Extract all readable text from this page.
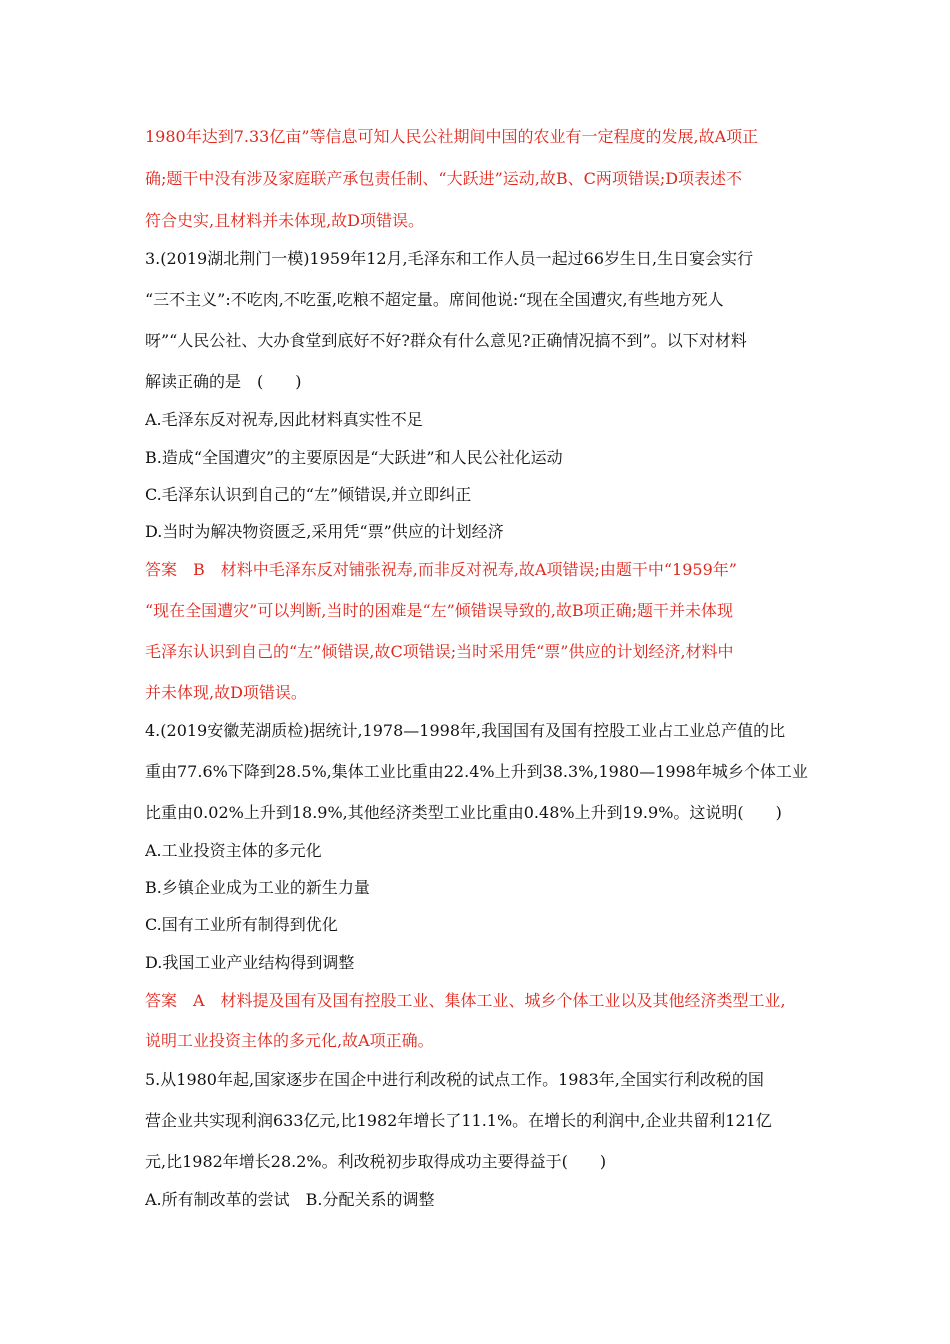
1980年达到7.33亿亩”等信息可知人民公社期间中国的农业有一定程度的发展,故A项正
确;题干中没有涉及家庭联产承包责任制、“大跃进”运动,故B、C两项错误;D项表述不
符合史实,且材料并未体现,故D项错误。
3.(2019湖北荆门一模)1959年12月,毛泽东和工作人员一起过66岁生日,生日宴会实行
“三不主义”:不吃肉,不吃蛋,吃粮不超定量。席间他说:“现在全国遭灾,有些地方死人
呀”“人民公社、大办食堂到底好不好?群众有什么意见?正确情况搞不到”。以下对材料
解读正确的是　(　　)
A.毛泽东反对祝寿,因此材料真实性不足
B.造成“全国遭灾”的主要原因是“大跃进”和人民公社化运动
C.毛泽东认识到自己的“左”倾错误,并立即纠正
D.当时为解决物资匮乏,采用凭“票”供应的计划经济
答案　B　材料中毛泽东反对铺张祝寿,而非反对祝寿,故A项错误;由题干中“1959年”
“现在全国遭灾”可以判断,当时的困难是“左”倾错误导致的,故B项正确;题干并未体现
毛泽东认识到自己的“左”倾错误,故C项错误;当时采用凭“票”供应的计划经济,材料中
并未体现,故D项错误。
4.(2019安徽芜湖质检)据统计,1978—1998年,我国国有及国有控股工业占工业总产值的比
重由77.6%下降到28.5%,集体工业比重由22.4%上升到38.3%,1980—1998年城乡个体工业
比重由0.02%上升到18.9%,其他经济类型工业比重由0.48%上升到19.9%。这说明(　　)
A.工业投资主体的多元化
B.乡镇企业成为工业的新生力量
C.国有工业所有制得到优化
D.我国工业产业结构得到调整
答案　A　材料提及国有及国有控股工业、集体工业、城乡个体工业以及其他经济类型工业,
说明工业投资主体的多元化,故A项正确。
5.从1980年起,国家逐步在国企中进行利改税的试点工作。1983年,全国实行利改税的国
营企业共实现利润633亿元,比1982年增长了11.1%。在增长的利润中,企业共留利121亿
元,比1982年增长28.2%。利改税初步取得成功主要得益于(　　)
A.所有制改革的尝试　B.分配关系的调整
